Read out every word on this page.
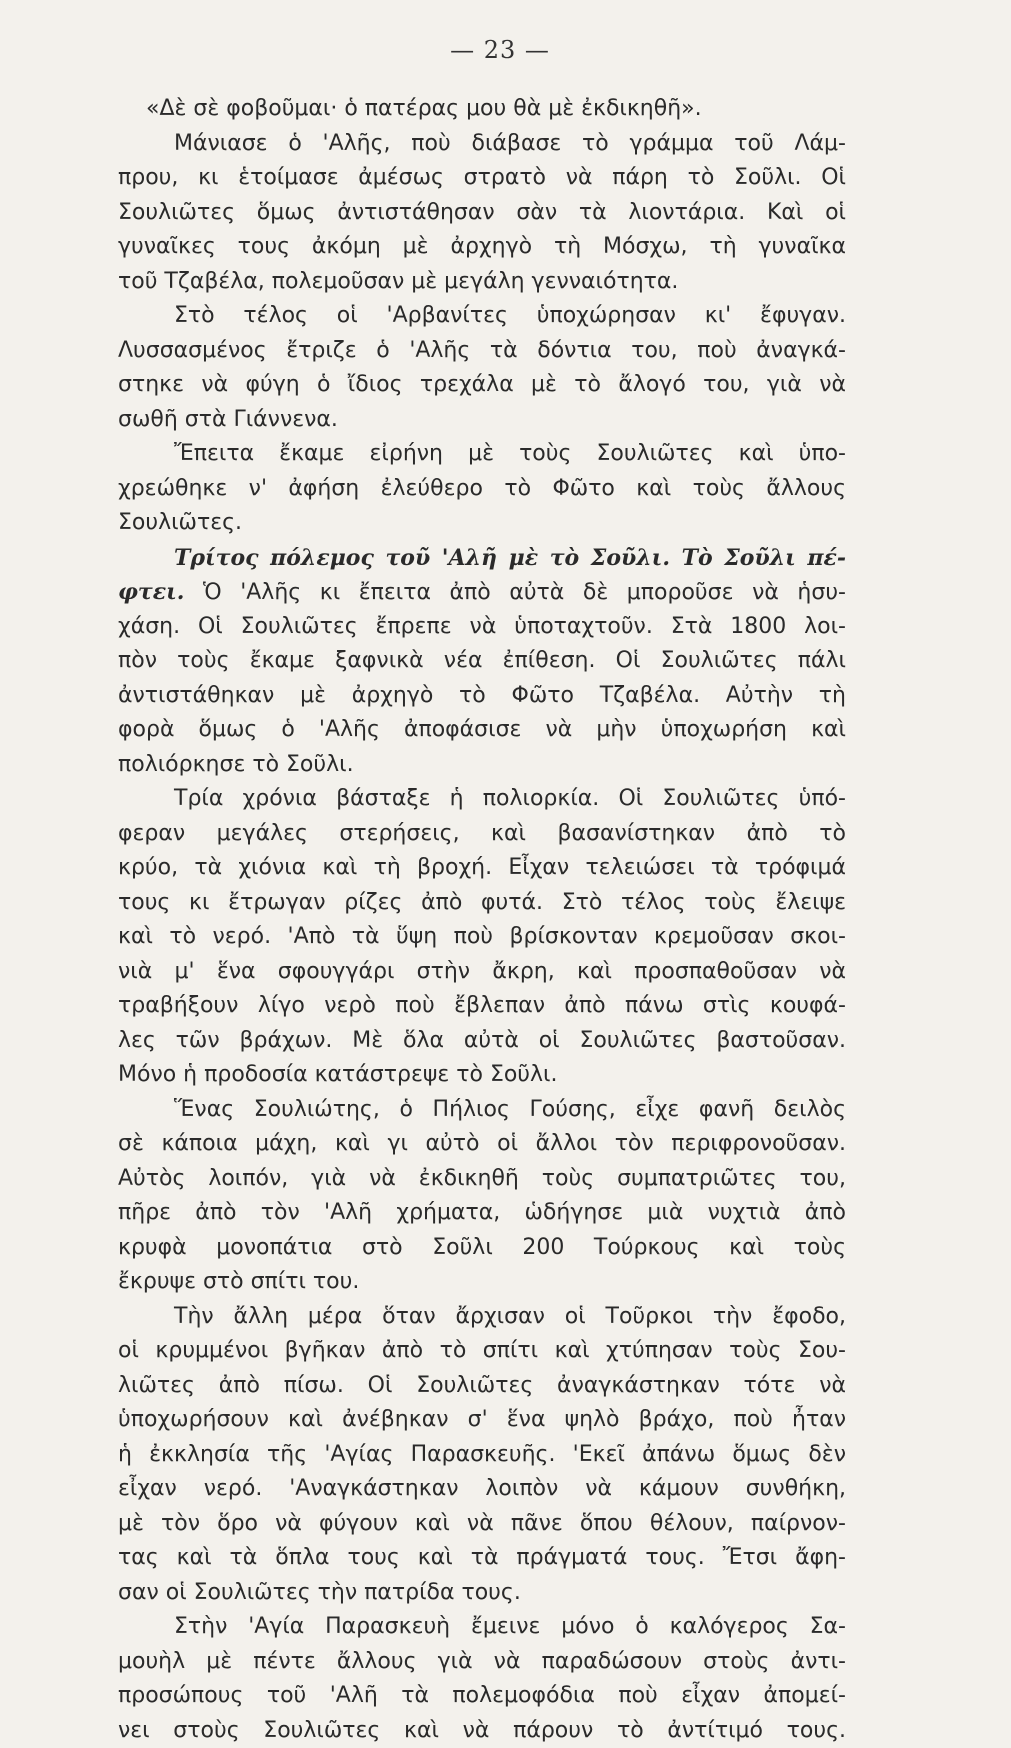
— 23 —
«Δὲ σὲ φοβοῦμαι· ὁ πατέρας μου θὰ μὲ ἐκδικηθῆ».
Μάνιασε ὁ 'Αλῆς, ποὺ διάβασε τὸ γράμμα τοῦ Λάμ-
πρου, κι ἑτοίμασε ἀμέσως στρατὸ νὰ πάρη τὸ Σοῦλι. Οἱ
Σουλιῶτες ὅμως ἀντιστάθησαν σὰν τὰ λιοντάρια. Καὶ οἱ
γυναῖκες τους ἀκόμη μὲ ἀρχηγὸ τὴ Μόσχω, τὴ γυναῖκα
τοῦ Τζαβέλα, πολεμοῦσαν μὲ μεγάλη γενναιότητα.
Στὸ τέλος οἱ 'Αρβανίτες ὑποχώρησαν κι' ἔφυγαν.
Λυσσασμένος ἔτριζε ὁ 'Αλῆς τὰ δόντια του, ποὺ ἀναγκά-
στηκε νὰ φύγη ὁ ἴδιος τρεχάλα μὲ τὸ ἄλογό του, γιὰ νὰ
σωθῆ στὰ Γιάννενα.
Ἔπειτα ἔκαμε εἰρήνη μὲ τοὺς Σουλιῶτες καὶ ὑπο-
χρεώθηκε ν' ἀφήση ἐλεύθερο τὸ Φῶτο καὶ τοὺς ἄλλους
Σουλιῶτες.
Τρίτος πόλεμος τοῦ 'Αλῆ μὲ τὸ Σοῦλι. Τὸ Σοῦλι πέ-
φτει. Ὁ 'Αλῆς κι ἔπειτα ἀπὸ αὐτὰ δὲ μποροῦσε νὰ ἡσυ-
χάση. Οἱ Σουλιῶτες ἔπρεπε νὰ ὑποταχτοῦν. Στὰ 1800 λοι-
πὸν τοὺς ἔκαμε ξαφνικὰ νέα ἐπίθεση. Οἱ Σουλιῶτες πάλι
ἀντιστάθηκαν μὲ ἀρχηγὸ τὸ Φῶτο Τζαβέλα. Αὐτὴν τὴ
φορὰ ὅμως ὁ 'Αλῆς ἀποφάσισε νὰ μὴν ὑποχωρήση καὶ
πολιόρκησε τὸ Σοῦλι.
Τρία χρόνια βάσταξε ἡ πολιορκία. Οἱ Σουλιῶτες ὑπό-
φεραν μεγάλες στερήσεις, καὶ βασανίστηκαν ἀπὸ τὸ
κρύο, τὰ χιόνια καὶ τὴ βροχή. Εἶχαν τελειώσει τὰ τρόφιμά
τους κι ἔτρωγαν ρίζες ἀπὸ φυτά. Στὸ τέλος τοὺς ἔλειψε
καὶ τὸ νερό. 'Απὸ τὰ ὕψη ποὺ βρίσκονταν κρεμοῦσαν σκοι-
νιὰ μ' ἕνα σφουγγάρι στὴν ἄκρη, καὶ προσπαθοῦσαν νὰ
τραβήξουν λίγο νερὸ ποὺ ἔβλεπαν ἀπὸ πάνω στὶς κουφά-
λες τῶν βράχων. Μὲ ὅλα αὐτὰ οἱ Σουλιῶτες βαστοῦσαν.
Μόνο ἡ προδοσία κατάστρεψε τὸ Σοῦλι.
Ἕνας Σουλιώτης, ὁ Πήλιος Γούσης, εἶχε φανῆ δειλὸς
σὲ κάποια μάχη, καὶ γι αὐτὸ οἱ ἄλλοι τὸν περιφρονοῦσαν.
Αὐτὸς λοιπόν, γιὰ νὰ ἐκδικηθῆ τοὺς συμπατριῶτες του,
πῆρε ἀπὸ τὸν 'Αλῆ χρήματα, ὡδήγησε μιὰ νυχτιὰ ἀπὸ
κρυφὰ μονοπάτια στὸ Σοῦλι 200 Τούρκους καὶ τοὺς
ἔκρυψε στὸ σπίτι του.
Τὴν ἄλλη μέρα ὅταν ἄρχισαν οἱ Τοῦρκοι τὴν ἔφοδο,
οἱ κρυμμένοι βγῆκαν ἀπὸ τὸ σπίτι καὶ χτύπησαν τοὺς Σου-
λιῶτες ἀπὸ πίσω. Οἱ Σουλιῶτες ἀναγκάστηκαν τότε νὰ
ὑποχωρήσουν καὶ ἀνέβηκαν σ' ἕνα ψηλὸ βράχο, ποὺ ἦταν
ἡ ἐκκλησία τῆς 'Αγίας Παρασκευῆς. 'Εκεῖ ἀπάνω ὅμως δὲν
εἶχαν νερό. 'Αναγκάστηκαν λοιπὸν νὰ κάμουν συνθήκη,
μὲ τὸν ὅρο νὰ φύγουν καὶ νὰ πᾶνε ὅπου θέλουν, παίρνον-
τας καὶ τὰ ὅπλα τους καὶ τὰ πράγματά τους. Ἔτσι ἄφη-
σαν οἱ Σουλιῶτες τὴν πατρίδα τους.
Στὴν 'Αγία Παρασκευὴ ἔμεινε μόνο ὁ καλόγερος Σα-
μουὴλ μὲ πέντε ἄλλους γιὰ νὰ παραδώσουν στοὺς ἀντι-
προσώπους τοῦ 'Αλῆ τὰ πολεμοφόδια ποὺ εἶχαν ἀπομεί-
νει στοὺς Σουλιῶτες καὶ νὰ πάρουν τὸ ἀντίτιμό τους.
